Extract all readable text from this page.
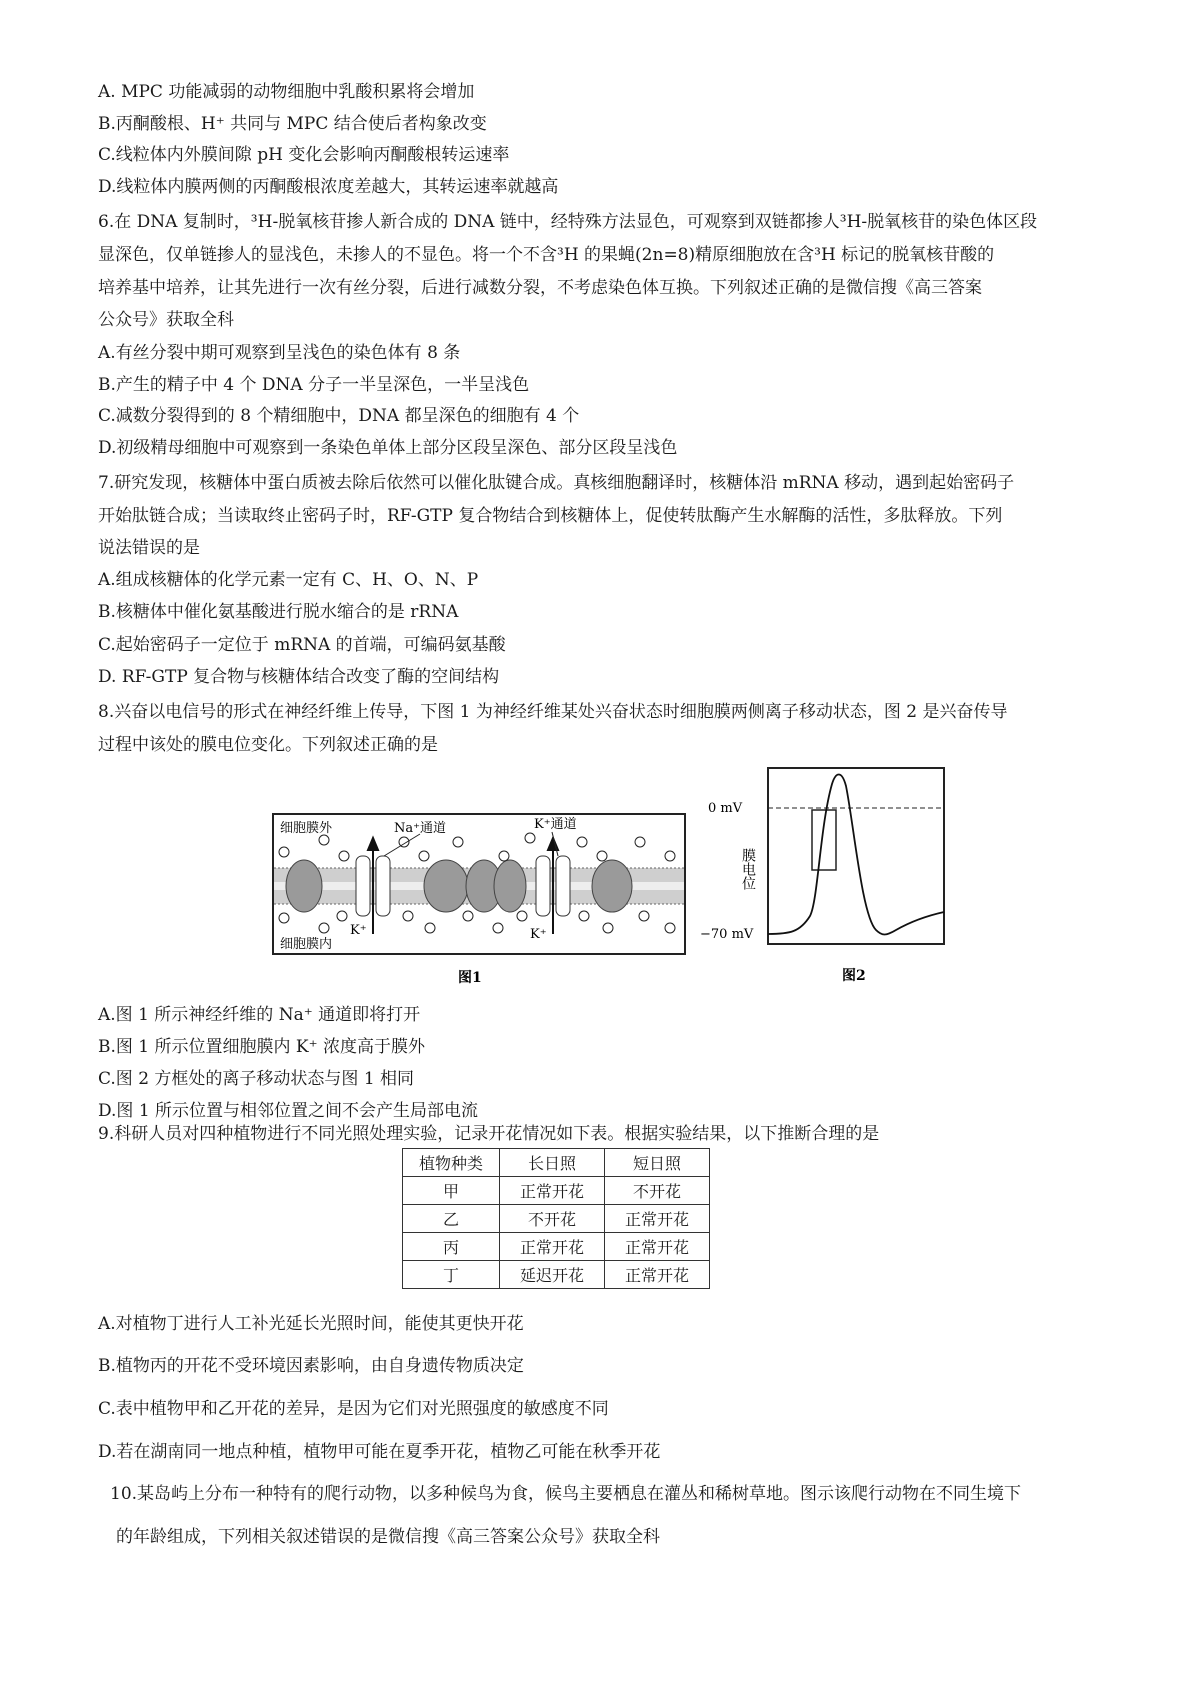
A. MPC 功能减弱的动物细胞中乳酸积累将会增加
B.丙酮酸根、H⁺ 共同与 MPC 结合使后者构象改变
C.线粒体内外膜间隙 pH 变化会影响丙酮酸根转运速率
D.线粒体内膜两侧的丙酮酸根浓度差越大，其转运速率就越高
6.在 DNA 复制时，³H-脱氧核苷掺人新合成的 DNA 链中，经特殊方法显色，可观察到双链都掺人³H-脱氧核苷的染色体区段
显深色，仅单链掺人的显浅色，未掺人的不显色。将一个不含³H 的果蝇(2n=8)精原细胞放在含³H 标记的脱氧核苷酸的
培养基中培养，让其先进行一次有丝分裂，后进行减数分裂，不考虑染色体互换。下列叙述正确的是微信搜《高三答案
公众号》获取全科
A.有丝分裂中期可观察到呈浅色的染色体有 8 条
B.产生的精子中 4 个 DNA 分子一半呈深色，一半呈浅色
C.减数分裂得到的 8 个精细胞中，DNA 都呈深色的细胞有 4 个
D.初级精母细胞中可观察到一条染色单体上部分区段呈深色、部分区段呈浅色
7.研究发现，核糖体中蛋白质被去除后依然可以催化肽键合成。真核细胞翻译时，核糖体沿 mRNA 移动，遇到起始密码子
开始肽链合成；当读取终止密码子时，RF-GTP 复合物结合到核糖体上，促使转肽酶产生水解酶的活性，多肽释放。下列
说法错误的是
A.组成核糖体的化学元素一定有 C、H、O、N、P
B.核糖体中催化氨基酸进行脱水缩合的是 rRNA
C.起始密码子一定位于 mRNA 的首端，可编码氨基酸
D. RF-GTP 复合物与核糖体结合改变了酶的空间结构
8.兴奋以电信号的形式在神经纤维上传导，下图 1 为神经纤维某处兴奋状态时细胞膜两侧离子移动状态，图 2 是兴奋传导
过程中该处的膜电位变化。下列叙述正确的是
细胞膜外
细胞膜内
Na⁺通道	K⁺通道
K⁺	K⁺
图1
0 mV
−70 mV
膜电位
图2
A.图 1 所示神经纤维的 Na⁺ 通道即将打开
B.图 1 所示位置细胞膜内 K⁺ 浓度高于膜外
C.图 2 方框处的离子移动状态与图 1 相同
D.图 1 所示位置与相邻位置之间不会产生局部电流
9.科研人员对四种植物进行不同光照处理实验，记录开花情况如下表。根据实验结果，以下推断合理的是
植物种类	长日照	短日照
甲	正常开花	不开花
乙	不开花	正常开花
丙	正常开花	正常开花
丁	延迟开花	正常开花
A.对植物丁进行人工补光延长光照时间，能使其更快开花
B.植物丙的开花不受环境因素影响，由自身遗传物质决定
C.表中植物甲和乙开花的差异，是因为它们对光照强度的敏感度不同
D.若在湖南同一地点种植，植物甲可能在夏季开花，植物乙可能在秋季开花
10.某岛屿上分布一种特有的爬行动物，以多种候鸟为食，候鸟主要栖息在灌丛和稀树草地。图示该爬行动物在不同生境下
的年龄组成，下列相关叙述错误的是微信搜《高三答案公众号》获取全科
